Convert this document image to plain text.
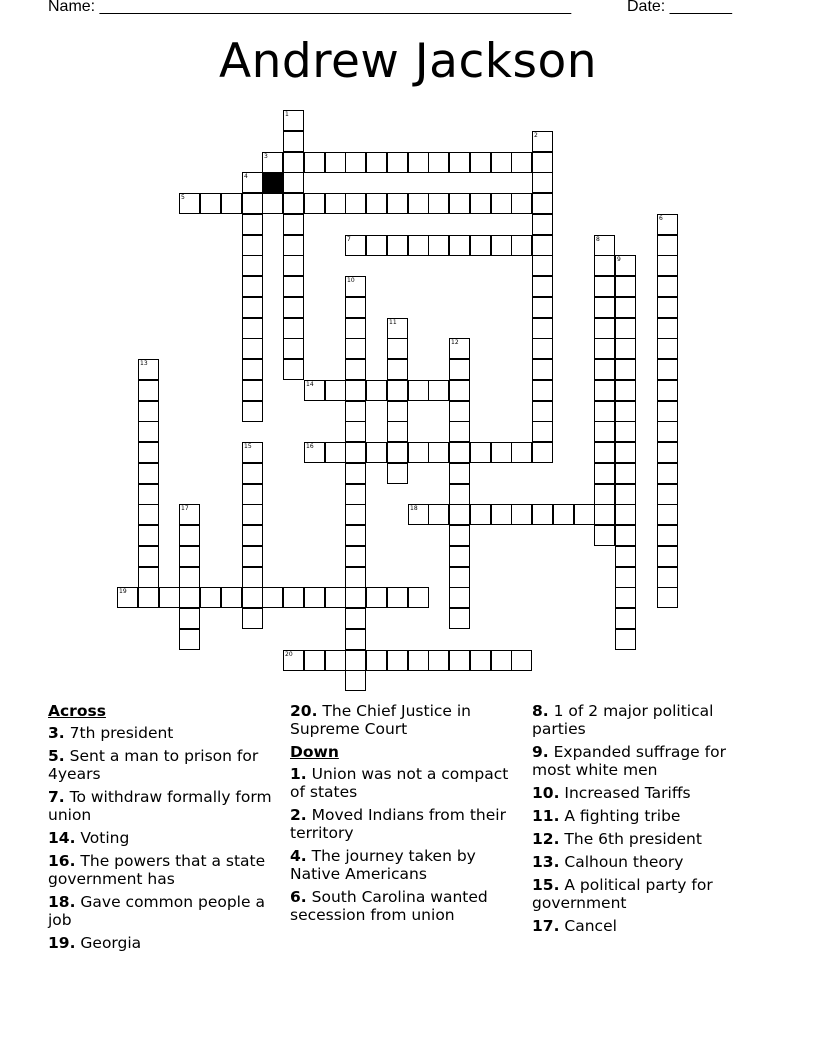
Name: _____________________________________________________	Date: _______
Andrew Jackson
1
2
3
4
5
6
7	8
9
10
11
12
13
14
15	16
17	18
19
20
Across
3. 7th president
5. Sent a man to prison for 4years
7. To withdraw formally form union
14. Voting
16. The powers that a state government has
18. Gave common people a job
19. Georgia
20. The Chief Justice in Supreme Court
Down
1. Union was not a compact of states
2. Moved Indians from their territory
4. The journey taken by Native Americans
6. South Carolina wanted secession from union
8. 1 of 2 major political parties
9. Expanded suffrage for most white men
10. Increased Tariffs
11. A fighting tribe
12. The 6th president
13. Calhoun theory
15. A political party for government
17. Cancel
